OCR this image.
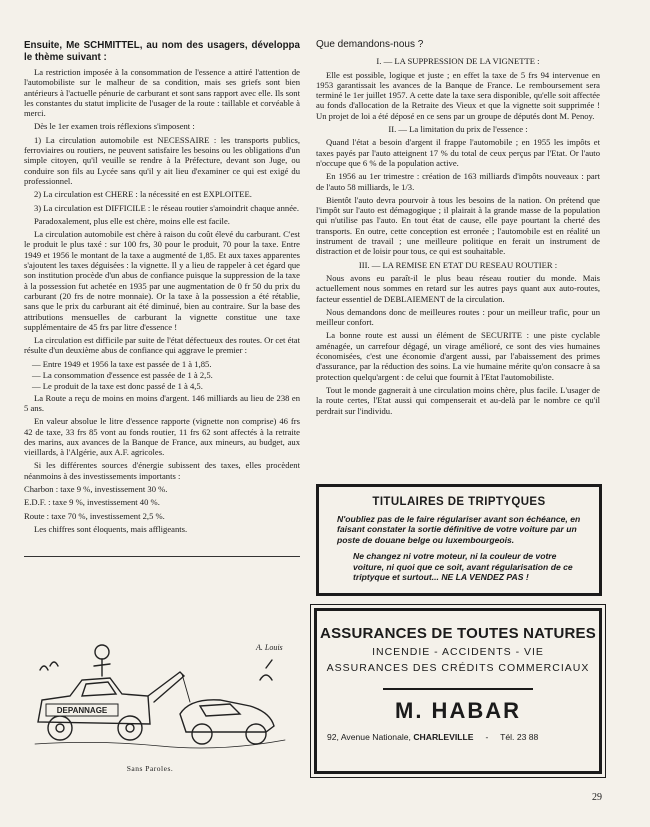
Ensuite, Me SCHMITTEL, au nom des usagers, développa le thème suivant :

La restriction imposée à la consommation de l'essence a attiré l'attention de l'automobiliste sur le malheur de sa condition, mais ses griefs sont bien antérieurs à l'actuelle pénurie de carburant et sont sans rapport avec elle. Ils sont les constantes du statut implicite de l'usager de la route : taillable et corvéable à merci.

Dès le 1er examen trois réflexions s'imposent :

1) La circulation automobile est NECESSAIRE : les transports publics, ferroviaires ou routiers, ne peuvent satisfaire les besoins ou les obligations d'un simple citoyen, qu'il veuille se rendre à la Préfecture, devant son Juge, ou conduire son fils au Lycée sans qu'il y ait lieu d'examiner ce qui est exigé du professionnel.

2) La circulation est CHERE : la nécessité en est EXPLOITEE.

3) La circulation est DIFFICILE : le réseau routier s'amoindrit chaque année.

Paradoxalement, plus elle est chère, moins elle est facile.

La circulation automobile est chère à raison du coût élevé du carburant. C'est le produit le plus taxé : sur 100 frs, 30 pour le produit, 70 pour la taxe. Entre 1949 et 1956 le montant de la taxe a augmenté de 1,85. Et aux taxes apparentes s'ajoutent les taxes déguisées : la vignette. Il y a lieu de rappeler à cet égard que son institution procède d'un abus de confiance puisque la suppression de la taxe à la possession fut achetée en 1935 par une augmentation de 0 fr 50 du prix du carburant (20 frs de notre monnaie). Or la taxe à la possession a été rétablie, sans que le prix du carburant ait été diminué, bien au contraire. Sur la base des attributions mensuelles de carburant la vignette constitue une taxe supplémentaire de 45 frs par litre d'essence !

La circulation est difficile par suite de l'état défectueux des routes. Or cet état résulte d'un deuxième abus de confiance qui aggrave le premier :

— Entre 1949 et 1956 la taxe est passée de 1 à 1,85.
— La consommation d'essence est passée de 1 à 2,5.
— Le produit de la taxe est donc passé de 1 à 4,5.

La Route a reçu de moins en moins d'argent. 146 milliards au lieu de 238 en 5 ans.

En valeur absolue le litre d'essence rapporte (vignette non comprise) 46 frs 42 de taxe, 33 frs 85 vont au fonds routier, 11 frs 62 sont affectés à la retraite des marins, aux avances de la Banque de France, aux mineurs, au budget, aux vieillards, à l'Algérie, aux A.F. agricoles.

Si les différentes sources d'énergie subissent des taxes, elles procèdent néanmoins à des investissements importants :

Charbon : taxe 9 %, investissement 30 %.

E.D.F. : taxe 9 %, investissement 40 %.

Route : taxe 70 %, investissement 2,5 %.

Les chiffres sont éloquents, mais affligeants.

DEPANNAGE
A. Louis
Sans Paroles.
Que demandons-nous ?
I. — LA SUPPRESSION DE LA VIGNETTE :

Elle est possible, logique et juste ; en effet la taxe de 5 frs 94 intervenue en 1953 garantissait les avances de la Banque de France. Le remboursement sera terminé le 1er juillet 1957. A cette date la taxe sera disponible, qu'elle soit affectée au fonds d'allocation de la Retraite des Vieux et que la vignette soit supprimée ! Un projet de loi a été déposé en ce sens par un groupe de députés dont M. Penoy.

II. — La limitation du prix de l'essence :

Quand l'état a besoin d'argent il frappe l'automobile ; en 1955 les impôts et taxes payés par l'auto atteignent 17 % du total de ceux perçus par l'Etat. Or l'auto n'occupe que 6 % de la population active.

En 1956 au 1er trimestre : création de 163 milliards d'impôts nouveaux : part de l'auto 58 milliards, le 1/3.

Bientôt l'auto devra pourvoir à tous les besoins de la nation. On prétend que l'impôt sur l'auto est démagogique ; il plairait à la grande masse de la population qui n'utilise pas l'auto. En tout état de cause, elle paye pourtant la cherté des transports. En outre, cette conception est erronée ; l'automobile est en réalité un instrument de travail ; une meilleure politique en ferait un instrument de distraction et de loisir pour tous, ce qui est souhaitable.

III. — LA REMISE EN ETAT DU RESEAU ROUTIER :

Nous avons eu paraît-il le plus beau réseau routier du monde. Mais actuellement nous sommes en retard sur les autres pays quant aux auto-routes, facteur essentiel de DEBLAIEMENT de la circulation.

Nous demandons donc de meilleures routes : pour un meilleur trafic, pour un meilleur confort.

La bonne route est aussi un élément de SECURITE : une piste cyclable aménagée, un carrefour dégagé, un virage amélioré, ce sont des vies humaines économisées, c'est une économie d'argent aussi, par l'abaissement des primes d'assurance, par la réduction des soins. La vie humaine mérite qu'on consacre à sa protection quelqu'argent : de celui que fournit à l'Etat l'automobiliste.

Tout le monde gagnerait à une circulation moins chère, plus facile. L'usager de la route certes, l'Etat aussi qui compenserait et au-delà par le nombre ce qu'il perdrait sur l'individu.

TITULAIRES DE TRIPTYQUES
N'oubliez pas de le faire régulariser avant son échéance, en faisant constater la sortie définitive de votre voiture par un poste de douane belge ou luxembourgeois.
Ne changez ni votre moteur, ni la couleur de votre voiture, ni quoi que ce soit, avant régularisation de ce triptyque et surtout... NE LA VENDEZ PAS !
ASSURANCES DE TOUTES NATURES
INCENDIE - ACCIDENTS - VIE
ASSURANCES DES CRÉDITS COMMERCIAUX
M. HABAR
92, Avenue Nationale, CHARLEVILLE - Tél. 23 88
29
